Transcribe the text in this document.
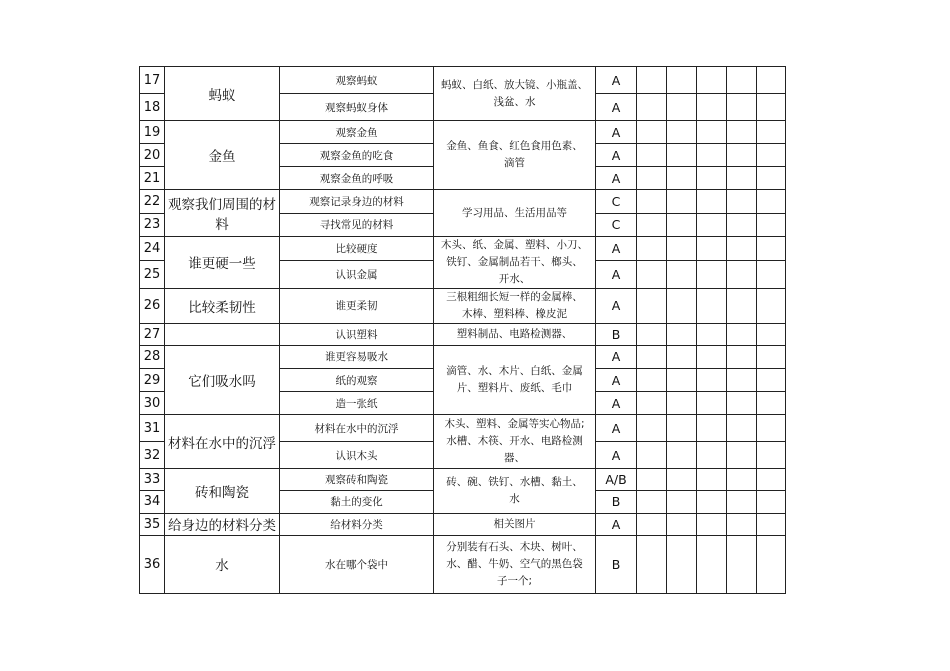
17	蚂蚁	观察蚂蚁	蚂蚁、白纸、放大镜、小瓶盖、
浅盆、水	A					
18		观察蚂蚁身体		A					
19	金鱼	观察金鱼	金鱼、鱼食、红色食用色素、
滴管	A					
20		观察金鱼的吃食		A					
21		观察金鱼的呼吸		A					
22	观察我们周围的材料	观察记录身边的材料	学习用品、生活用品等	C					
23		寻找常见的材料		C					
24	谁更硬一些	比较硬度	木头、纸、金属、塑料、小刀、
铁钉、金属制品若干、榔头、
开水、	A					
25		认识金属		A					
26	比较柔韧性	谁更柔韧	三根粗细长短一样的金属棒、
木棒、塑料棒、橡皮泥	A					
27		认识塑料	塑料制品、电路检测器、	B					
28	它们吸水吗	谁更容易吸水	滴管、水、木片、白纸、金属
片、塑料片、废纸、毛巾	A					
29		纸的观察		A					
30		造一张纸		A					
31	材料在水中的沉浮	材料在水中的沉浮	木头、塑料、金属等实心物品;
水槽、木筷、开水、电路检测
器、	A					
32		认识木头		A					
33	砖和陶瓷	观察砖和陶瓷	砖、碗、铁钉、水槽、黏土、
水	A/B					
34		黏土的变化		B					
35	给身边的材料分类	给材料分类	相关图片	A					
36	水	水在哪个袋中	分别装有石头、木块、树叶、
水、醋、牛奶、空气的黑色袋
子一个;	B					
